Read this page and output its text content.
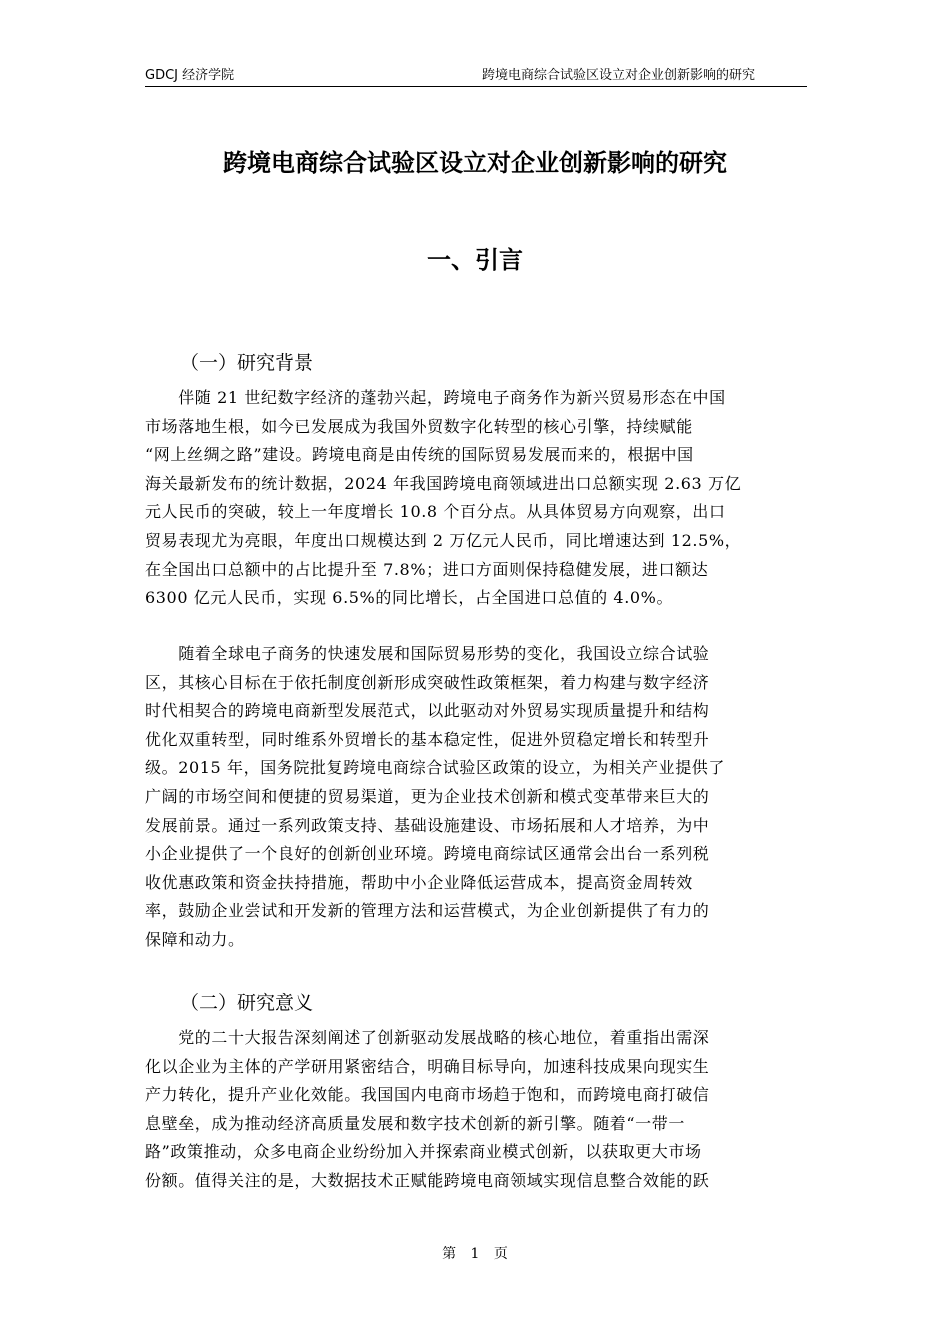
GDCJ 经济学院	跨境电商综合试验区设立对企业创新影响的研究
跨境电商综合试验区设立对企业创新影响的研究
一、引言
（一）研究背景

　　伴随 21 世纪数字经济的蓬勃兴起，跨境电子商务作为新兴贸易形态在中国
市场落地生根，如今已发展成为我国外贸数字化转型的核心引擎，持续赋能
“网上丝绸之路”建设。跨境电商是由传统的国际贸易发展而来的，根据中国
海关最新发布的统计数据，2024 年我国跨境电商领域进出口总额实现 2.63 万亿
元人民币的突破，较上一年度增长 10.8 个百分点。从具体贸易方向观察，出口
贸易表现尤为亮眼，年度出口规模达到 2 万亿元人民币，同比增速达到 12.5%，
在全国出口总额中的占比提升至 7.8%；进口方面则保持稳健发展，进口额达
6300 亿元人民币，实现 6.5%的同比增长，占全国进口总值的 4.0%。

　　随着全球电子商务的快速发展和国际贸易形势的变化，我国设立综合试验
区，其核心目标在于依托制度创新形成突破性政策框架，着力构建与数字经济
时代相契合的跨境电商新型发展范式，以此驱动对外贸易实现质量提升和结构
优化双重转型，同时维系外贸增长的基本稳定性，促进外贸稳定增长和转型升
级。2015 年，国务院批复跨境电商综合试验区政策的设立，为相关产业提供了
广阔的市场空间和便捷的贸易渠道，更为企业技术创新和模式变革带来巨大的
发展前景。通过一系列政策支持、基础设施建设、市场拓展和人才培养，为中
小企业提供了一个良好的创新创业环境。跨境电商综试区通常会出台一系列税
收优惠政策和资金扶持措施，帮助中小企业降低运营成本，提高资金周转效
率，鼓励企业尝试和开发新的管理方法和运营模式，为企业创新提供了有力的
保障和动力。

（二）研究意义

　　党的二十大报告深刻阐述了创新驱动发展战略的核心地位，着重指出需深
化以企业为主体的产学研用紧密结合，明确目标导向，加速科技成果向现实生
产力转化，提升产业化效能。我国国内电商市场趋于饱和，而跨境电商打破信
息壁垒，成为推动经济高质量发展和数字技术创新的新引擎。随着“一带一
路”政策推动，众多电商企业纷纷加入并探索商业模式创新，以获取更大市场
份额。值得关注的是，大数据技术正赋能跨境电商领域实现信息整合效能的跃

第 1 页
